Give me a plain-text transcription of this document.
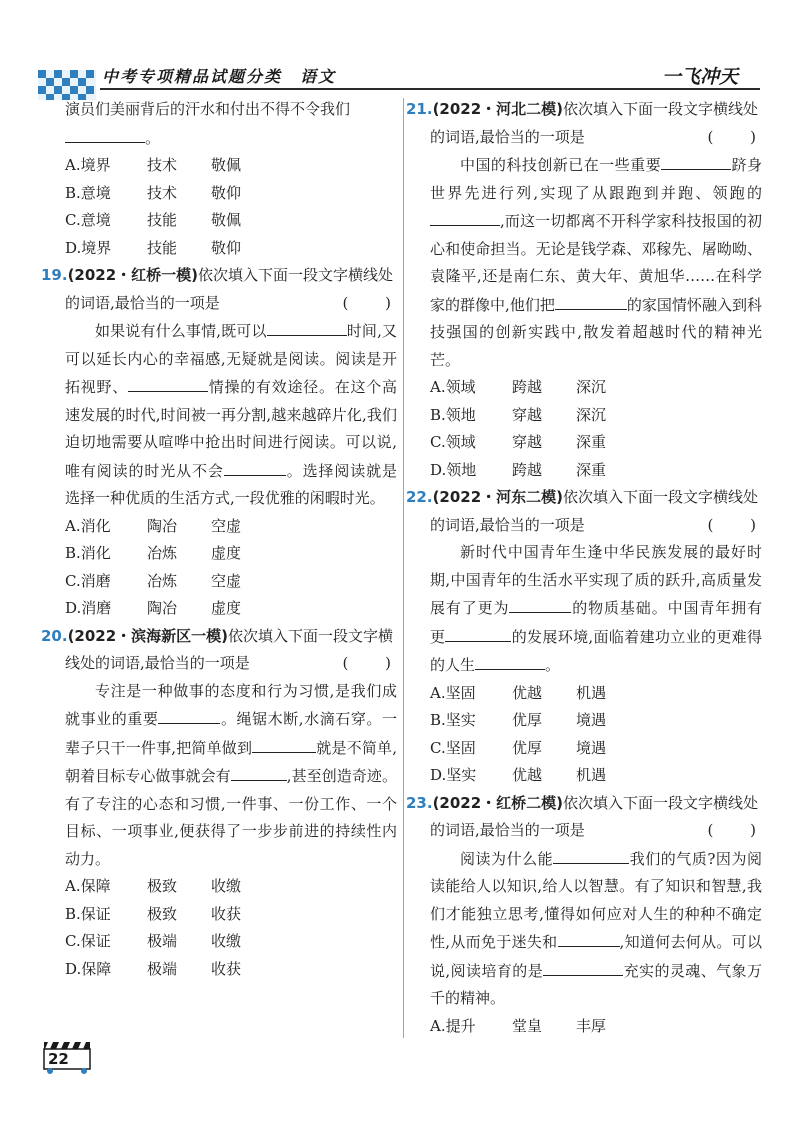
中考专项精品试题分类 语文	一飞冲天

演员们美丽背后的汗水和付出不得不令我们
。

A.境界	技术	敬佩

B.意境	技术	敬仰

C.意境	技能	敬佩

D.境界	技能	敬仰

19.(2022・红桥一模)依次填入下面一段文字横线处的词语,最恰当的一项是	( )

如果说有什么事情,既可以	时间,又可以延长内心的幸福感,无疑就是阅读。阅读是开拓视野、	情操的有效途径。在这个高速发展的时代,时间被一再分割,越来越碎片化,我们迫切地需要从喧哗中抢出时间进行阅读。可以说,唯有阅读的时光从不会	。选择阅读就是选择一种优质的生活方式,一段优雅的闲暇时光。

A.消化	陶冶	空虚

B.消化	冶炼	虚度

C.消磨	冶炼	空虚

D.消磨	陶冶	虚度

20.(2022・滨海新区一模)依次填入下面一段文字横线处的词语,最恰当的一项是	( )

专注是一种做事的态度和行为习惯,是我们成就事业的重要	。绳锯木断,水滴石穿。一辈子只干一件事,把简单做到	就是不简单,朝着目标专心做事就会有	,甚至创造奇迹。有了专注的心态和习惯,一件事、一份工作、一个目标、一项事业,便获得了一步步前进的持续性内动力。

A.保障	极致	收缴

B.保证	极致	收获

C.保证	极端	收缴

D.保障	极端	收获

21.(2022・河北二模)依次填入下面一段文字横线处的词语,最恰当的一项是	( )

中国的科技创新已在一些重要	跻身世界先进行列,实现了从跟跑到并跑、领跑的,而这一切都离不开科学家科技报国的初心和使命担当。无论是钱学森、邓稼先、屠呦呦、袁隆平,还是南仁东、黄大年、黄旭华……在科学家的群像中,他们把	的家国情怀融入到科技强国的创新实践中,散发着超越时代的精神光芒。

A.领域	跨越	深沉

B.领地	穿越	深沉

C.领域	穿越	深重

D.领地	跨越	深重

22.(2022・河东二模)依次填入下面一段文字横线处的词语,最恰当的一项是	( )

新时代中国青年生逢中华民族发展的最好时期,中国青年的生活水平实现了质的跃升,高质量发展有了更为	的物质基础。中国青年拥有更	的发展环境,面临着建功立业的更难得的人生	。

A.坚固	优越	机遇

B.坚实	优厚	境遇

C.坚固	优厚	境遇

D.坚实	优越	机遇

23.(2022・红桥二模)依次填入下面一段文字横线处的词语,最恰当的一项是	( )

阅读为什么能	我们的气质?因为阅读能给人以知识,给人以智慧。有了知识和智慧,我们才能独立思考,懂得如何应对人生的种种不确定性,从而免于迷失和	,知道何去何从。可以说,阅读培育的是	充实的灵魂、气象万千的精神。

A.提升	堂皇	丰厚

22
